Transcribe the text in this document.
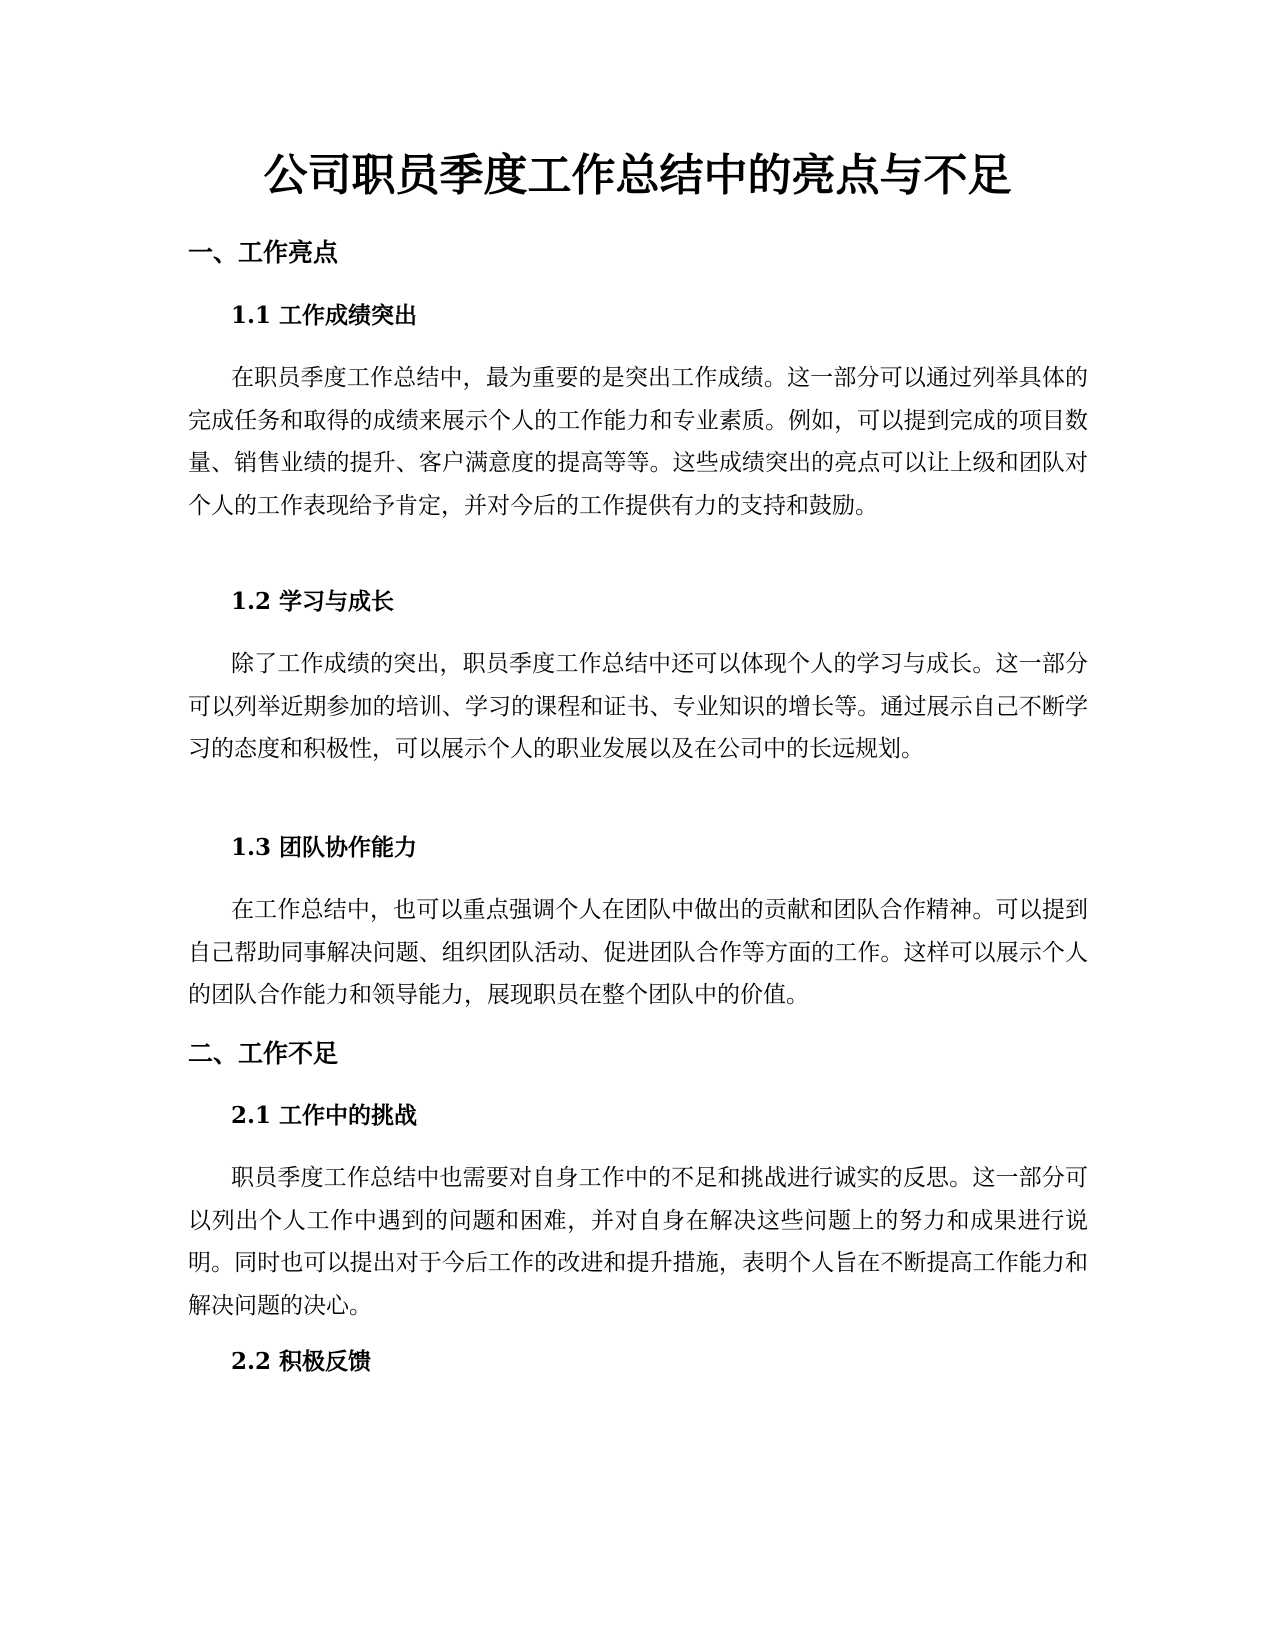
公司职员季度工作总结中的亮点与不足
一、工作亮点
1.1 工作成绩突出

在职员季度工作总结中，最为重要的是突出工作成绩。这一部分可以通过列举具体的完成任务和取得的成绩来展示个人的工作能力和专业素质。例如，可以提到完成的项目数量、销售业绩的提升、客户满意度的提高等等。这些成绩突出的亮点可以让上级和团队对个人的工作表现给予肯定，并对今后的工作提供有力的支持和鼓励。

1.2 学习与成长

除了工作成绩的突出，职员季度工作总结中还可以体现个人的学习与成长。这一部分可以列举近期参加的培训、学习的课程和证书、专业知识的增长等。通过展示自己不断学习的态度和积极性，可以展示个人的职业发展以及在公司中的长远规划。

1.3 团队协作能力

在工作总结中，也可以重点强调个人在团队中做出的贡献和团队合作精神。可以提到自己帮助同事解决问题、组织团队活动、促进团队合作等方面的工作。这样可以展示个人的团队合作能力和领导能力，展现职员在整个团队中的价值。

二、工作不足
2.1 工作中的挑战

职员季度工作总结中也需要对自身工作中的不足和挑战进行诚实的反思。这一部分可以列出个人工作中遇到的问题和困难，并对自身在解决这些问题上的努力和成果进行说明。同时也可以提出对于今后工作的改进和提升措施，表明个人旨在不断提高工作能力和解决问题的决心。

2.2 积极反馈
